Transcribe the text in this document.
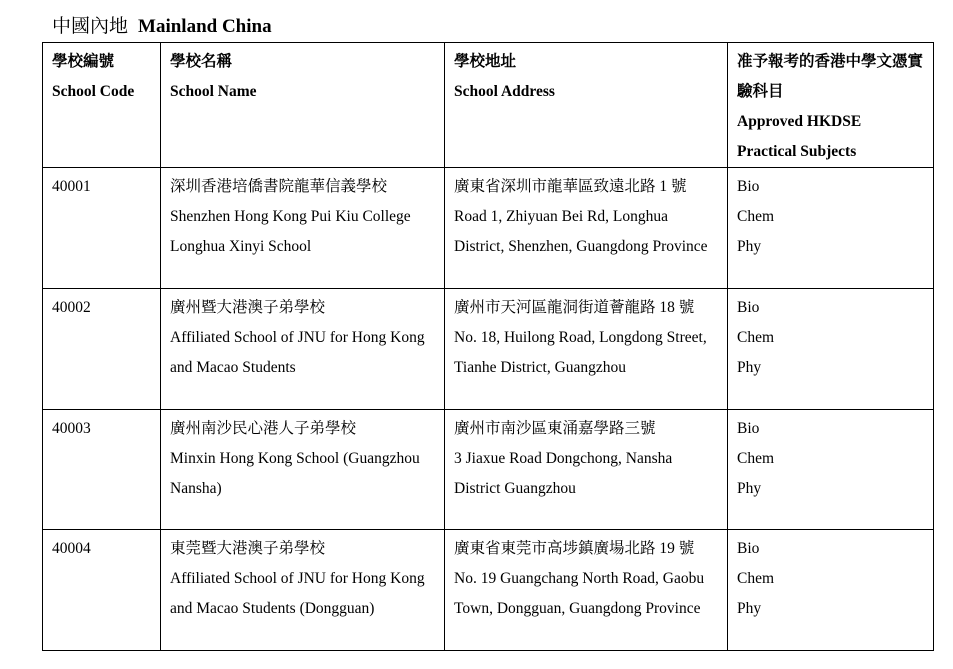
中國內地 Mainland China
學校編號
School Code	學校名稱
School Name	學校地址
School Address	准予報考的香港中學文憑實驗科目
Approved HKDSE Practical Subjects

40001	深圳香港培僑書院龍華信義學校
Shenzhen Hong Kong Pui Kiu College Longhua Xinyi School	廣東省深圳市龍華區致遠北路 1 號
Road 1, Zhiyuan Bei Rd, Longhua District, Shenzhen, Guangdong Province	Bio
Chem
Phy

40002	廣州暨大港澳子弟學校
Affiliated School of JNU for Hong Kong and Macao Students	廣州市天河區龍洞街道薈龍路 18 號
No. 18, Huilong Road, Longdong Street, Tianhe District, Guangzhou	Bio
Chem
Phy

40003	廣州南沙民心港人子弟學校
Minxin Hong Kong School (Guangzhou Nansha)	廣州市南沙區東涌嘉學路三號
3 Jiaxue Road Dongchong, Nansha District Guangzhou	Bio
Chem
Phy

40004	東莞暨大港澳子弟學校
Affiliated School of JNU for Hong Kong and Macao Students (Dongguan)	廣東省東莞市高埗鎮廣場北路 19 號
No. 19 Guangchang North Road, Gaobu Town, Dongguan, Guangdong Province	Bio
Chem
Phy
